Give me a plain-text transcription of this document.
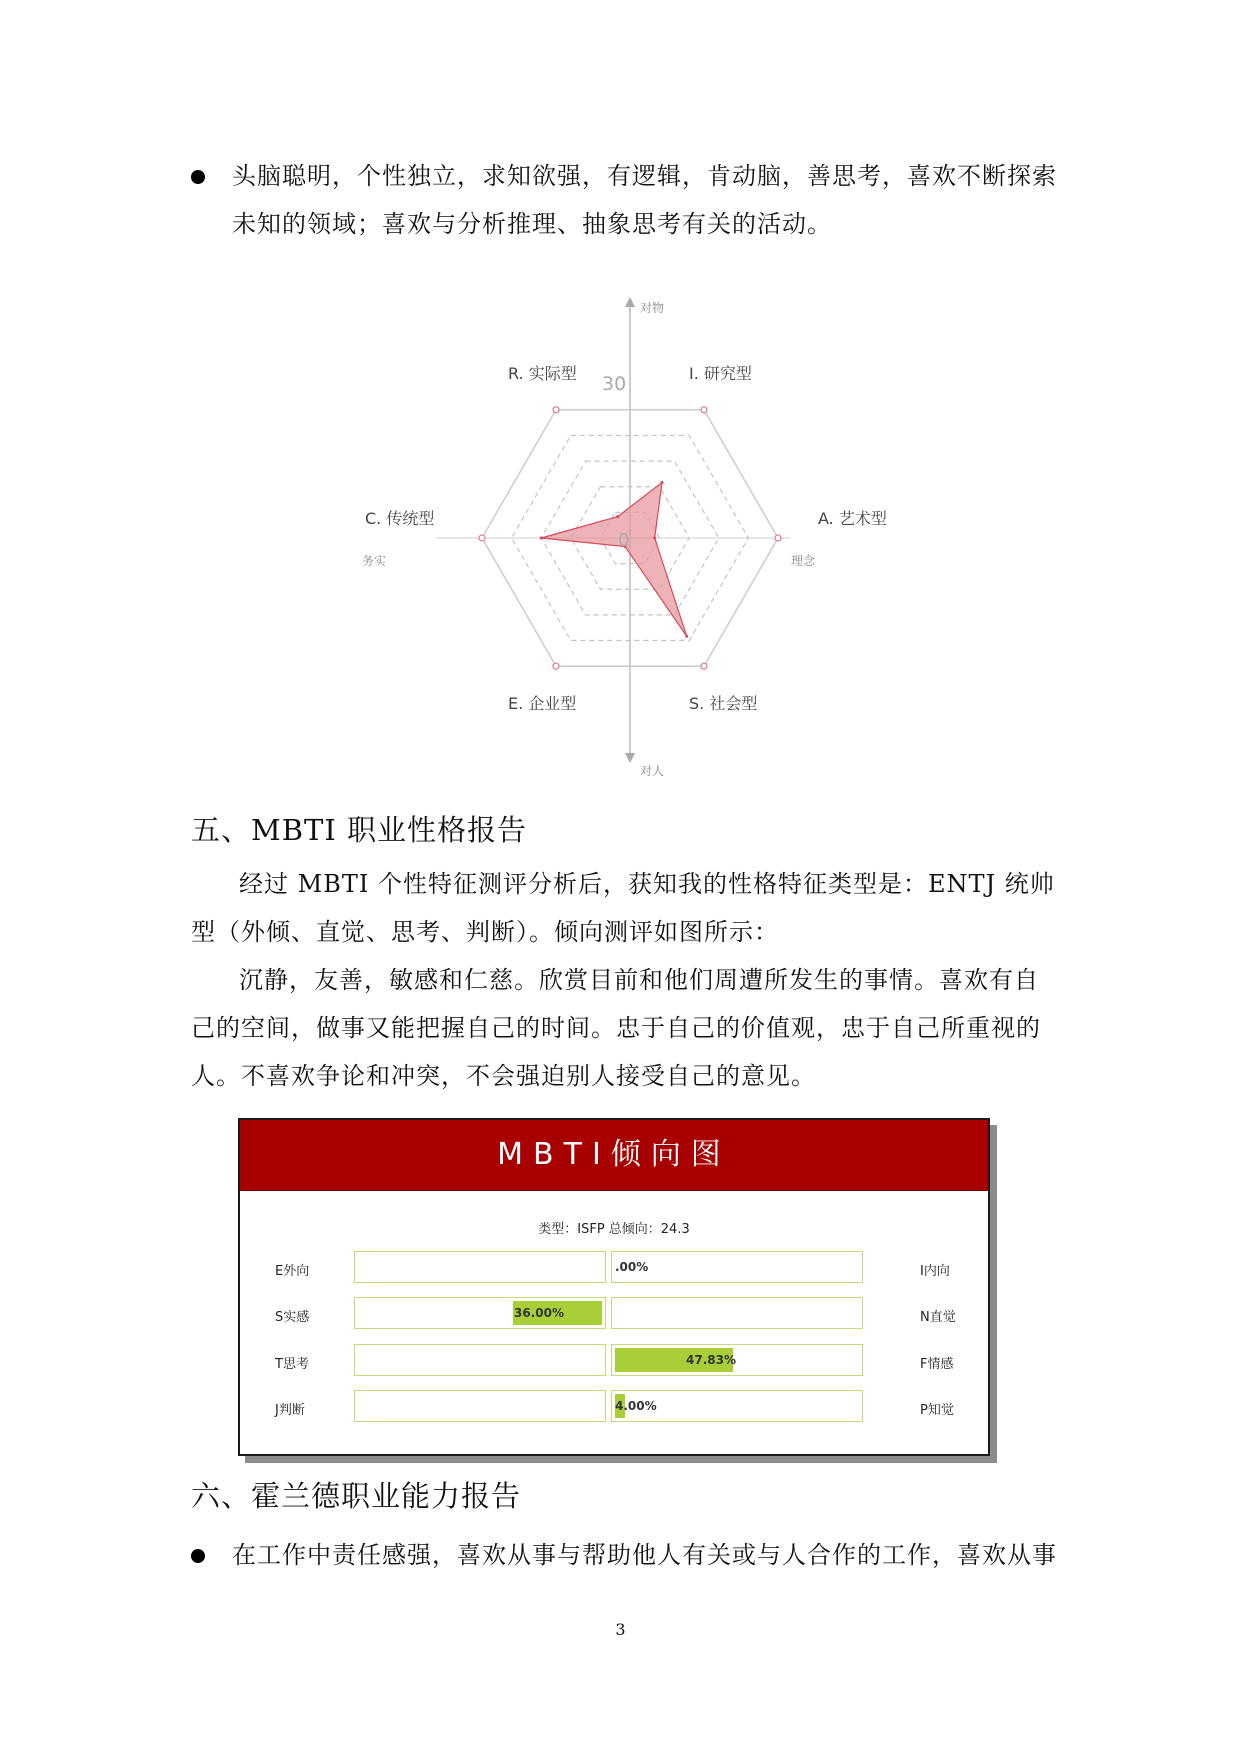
头脑聪明，个性独立，求知欲强，有逻辑，肯动脑，善思考，喜欢不断探索
未知的领域；喜欢与分析推理、抽象思考有关的活动。
对物
对人
务实	理念
30
0
R. 实际型	I. 研究型
A. 艺术型
S. 社会型
E. 企业型
C. 传统型
五、MBTI 职业性格报告
经过 MBTI 个性特征测评分析后，获知我的性格特征类型是：ENTJ 统帅型（外倾、直觉、思考、判断）。倾向测评如图所示：
沉静，友善，敏感和仁慈。欣赏目前和他们周遭所发生的事情。喜欢有自己的空间，做事又能把握自己的时间。忠于自己的价值观，忠于自己所重视的人。不喜欢争论和冲突，不会强迫别人接受自己的意见。
MBTI倾向图
类型：ISFP 总倾向：24.3
E外向	.00%	I内向
S实感	36.00%	N直觉
T思考	47.83%	F情感
J判断	4.00%	P知觉
六、霍兰德职业能力报告
在工作中责任感强，喜欢从事与帮助他人有关或与人合作的工作，喜欢从事
3
